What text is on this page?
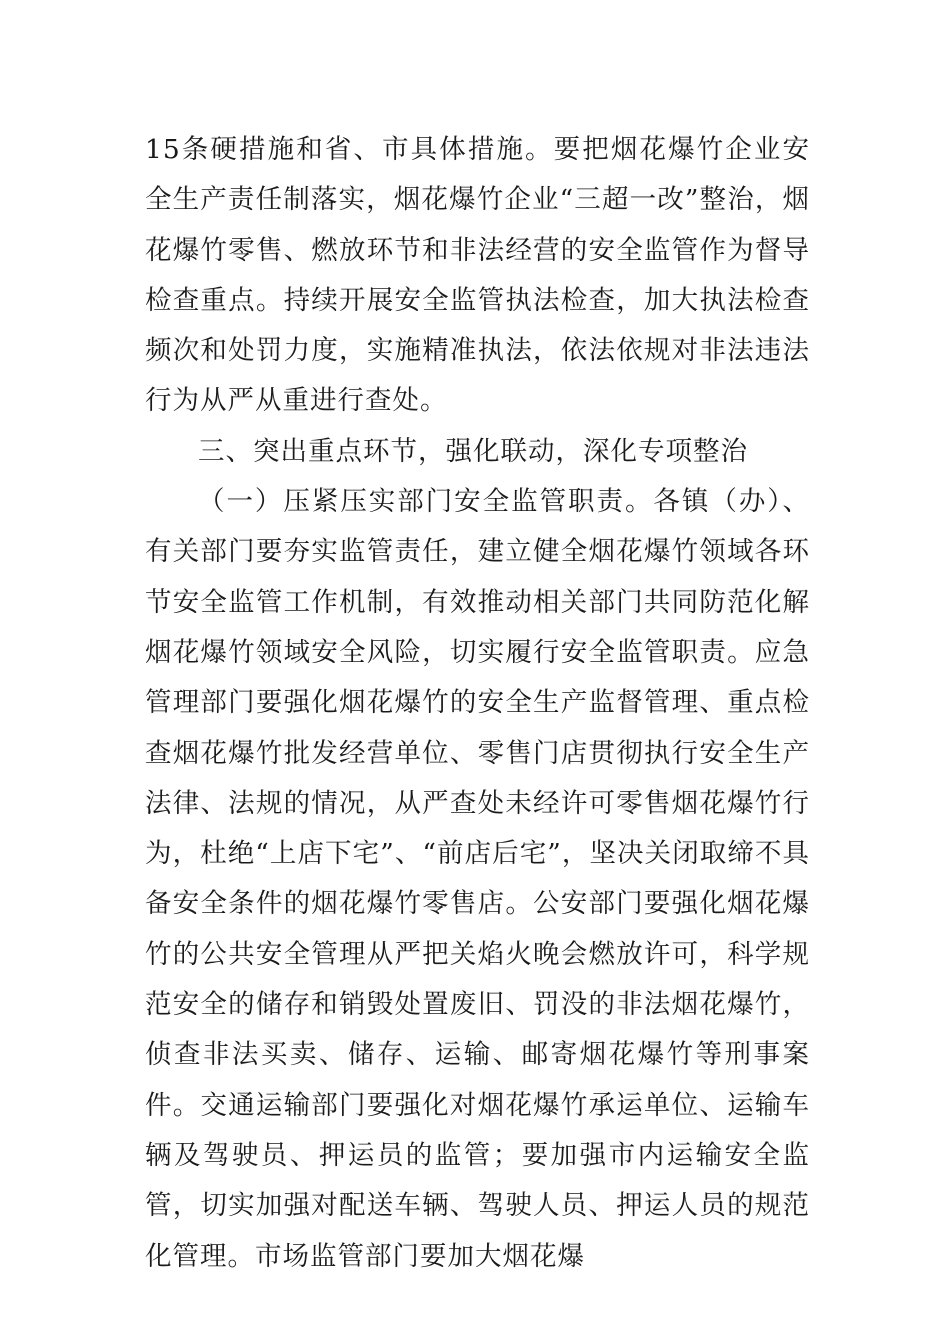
15条硬措施和省、市具体措施。要把烟花爆竹企业安全生产责任制落实，烟花爆竹企业“三超一改”整治，烟花爆竹零售、燃放环节和非法经营的安全监管作为督导检查重点。持续开展安全监管执法检查，加大执法检查频次和处罚力度，实施精准执法，依法依规对非法违法行为从严从重进行查处。

三、突出重点环节，强化联动，深化专项整治

（一）压紧压实部门安全监管职责。各镇（办）、有关部门要夯实监管责任，建立健全烟花爆竹领域各环节安全监管工作机制，有效推动相关部门共同防范化解烟花爆竹领域安全风险，切实履行安全监管职责。应急管理部门要强化烟花爆竹的安全生产监督管理、重点检查烟花爆竹批发经营单位、零售门店贯彻执行安全生产法律、法规的情况，从严查处未经许可零售烟花爆竹行为，杜绝“上店下宅”、“前店后宅”，坚决关闭取缔不具备安全条件的烟花爆竹零售店。公安部门要强化烟花爆竹的公共安全管理从严把关焰火晚会燃放许可，科学规范安全的储存和销毁处置废旧、罚没的非法烟花爆竹，侦查非法买卖、储存、运输、邮寄烟花爆竹等刑事案件。交通运输部门要强化对烟花爆竹承运单位、运输车辆及驾驶员、押运员的监管；要加强市内运输安全监管，切实加强对配送车辆、驾驶人员、押运人员的规范化管理。市场监管部门要加大烟花爆
